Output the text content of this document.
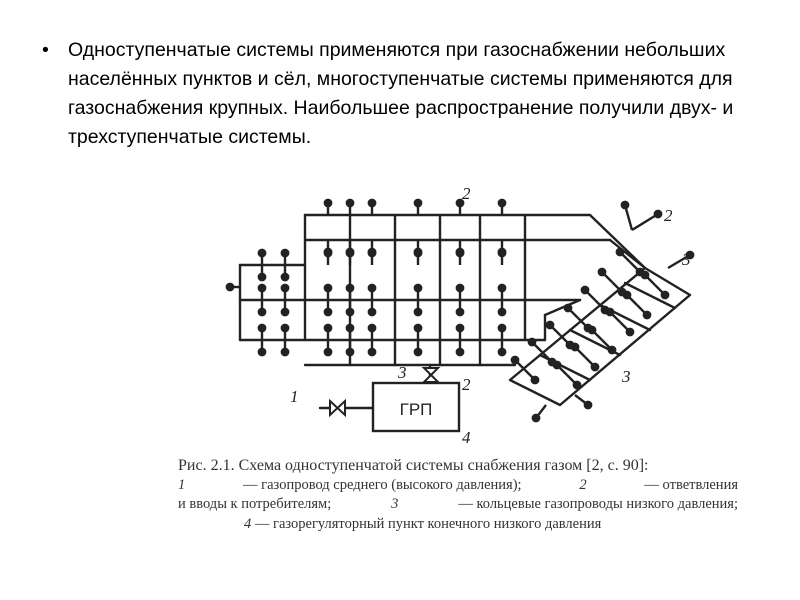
• Одноступенчатые системы применяются при газоснабжении небольших населённых пунктов и сёл, многоступенчатые системы применяются для газоснабжения крупных. Наибольшее распространение получили двух- и трехступенчатые системы.
ГРП
1
2
2
3
3
2	3
4
Рис. 2.1. Схема одноступенчатой системы снабжения газом [2, с. 90]:
1	— газопровод среднего (высокого давления);	2	— ответвления
и вводы к потребителям;	3	— кольцевые газопроводы низкого давления;
4 — газорегуляторный пункт конечного низкого давления
